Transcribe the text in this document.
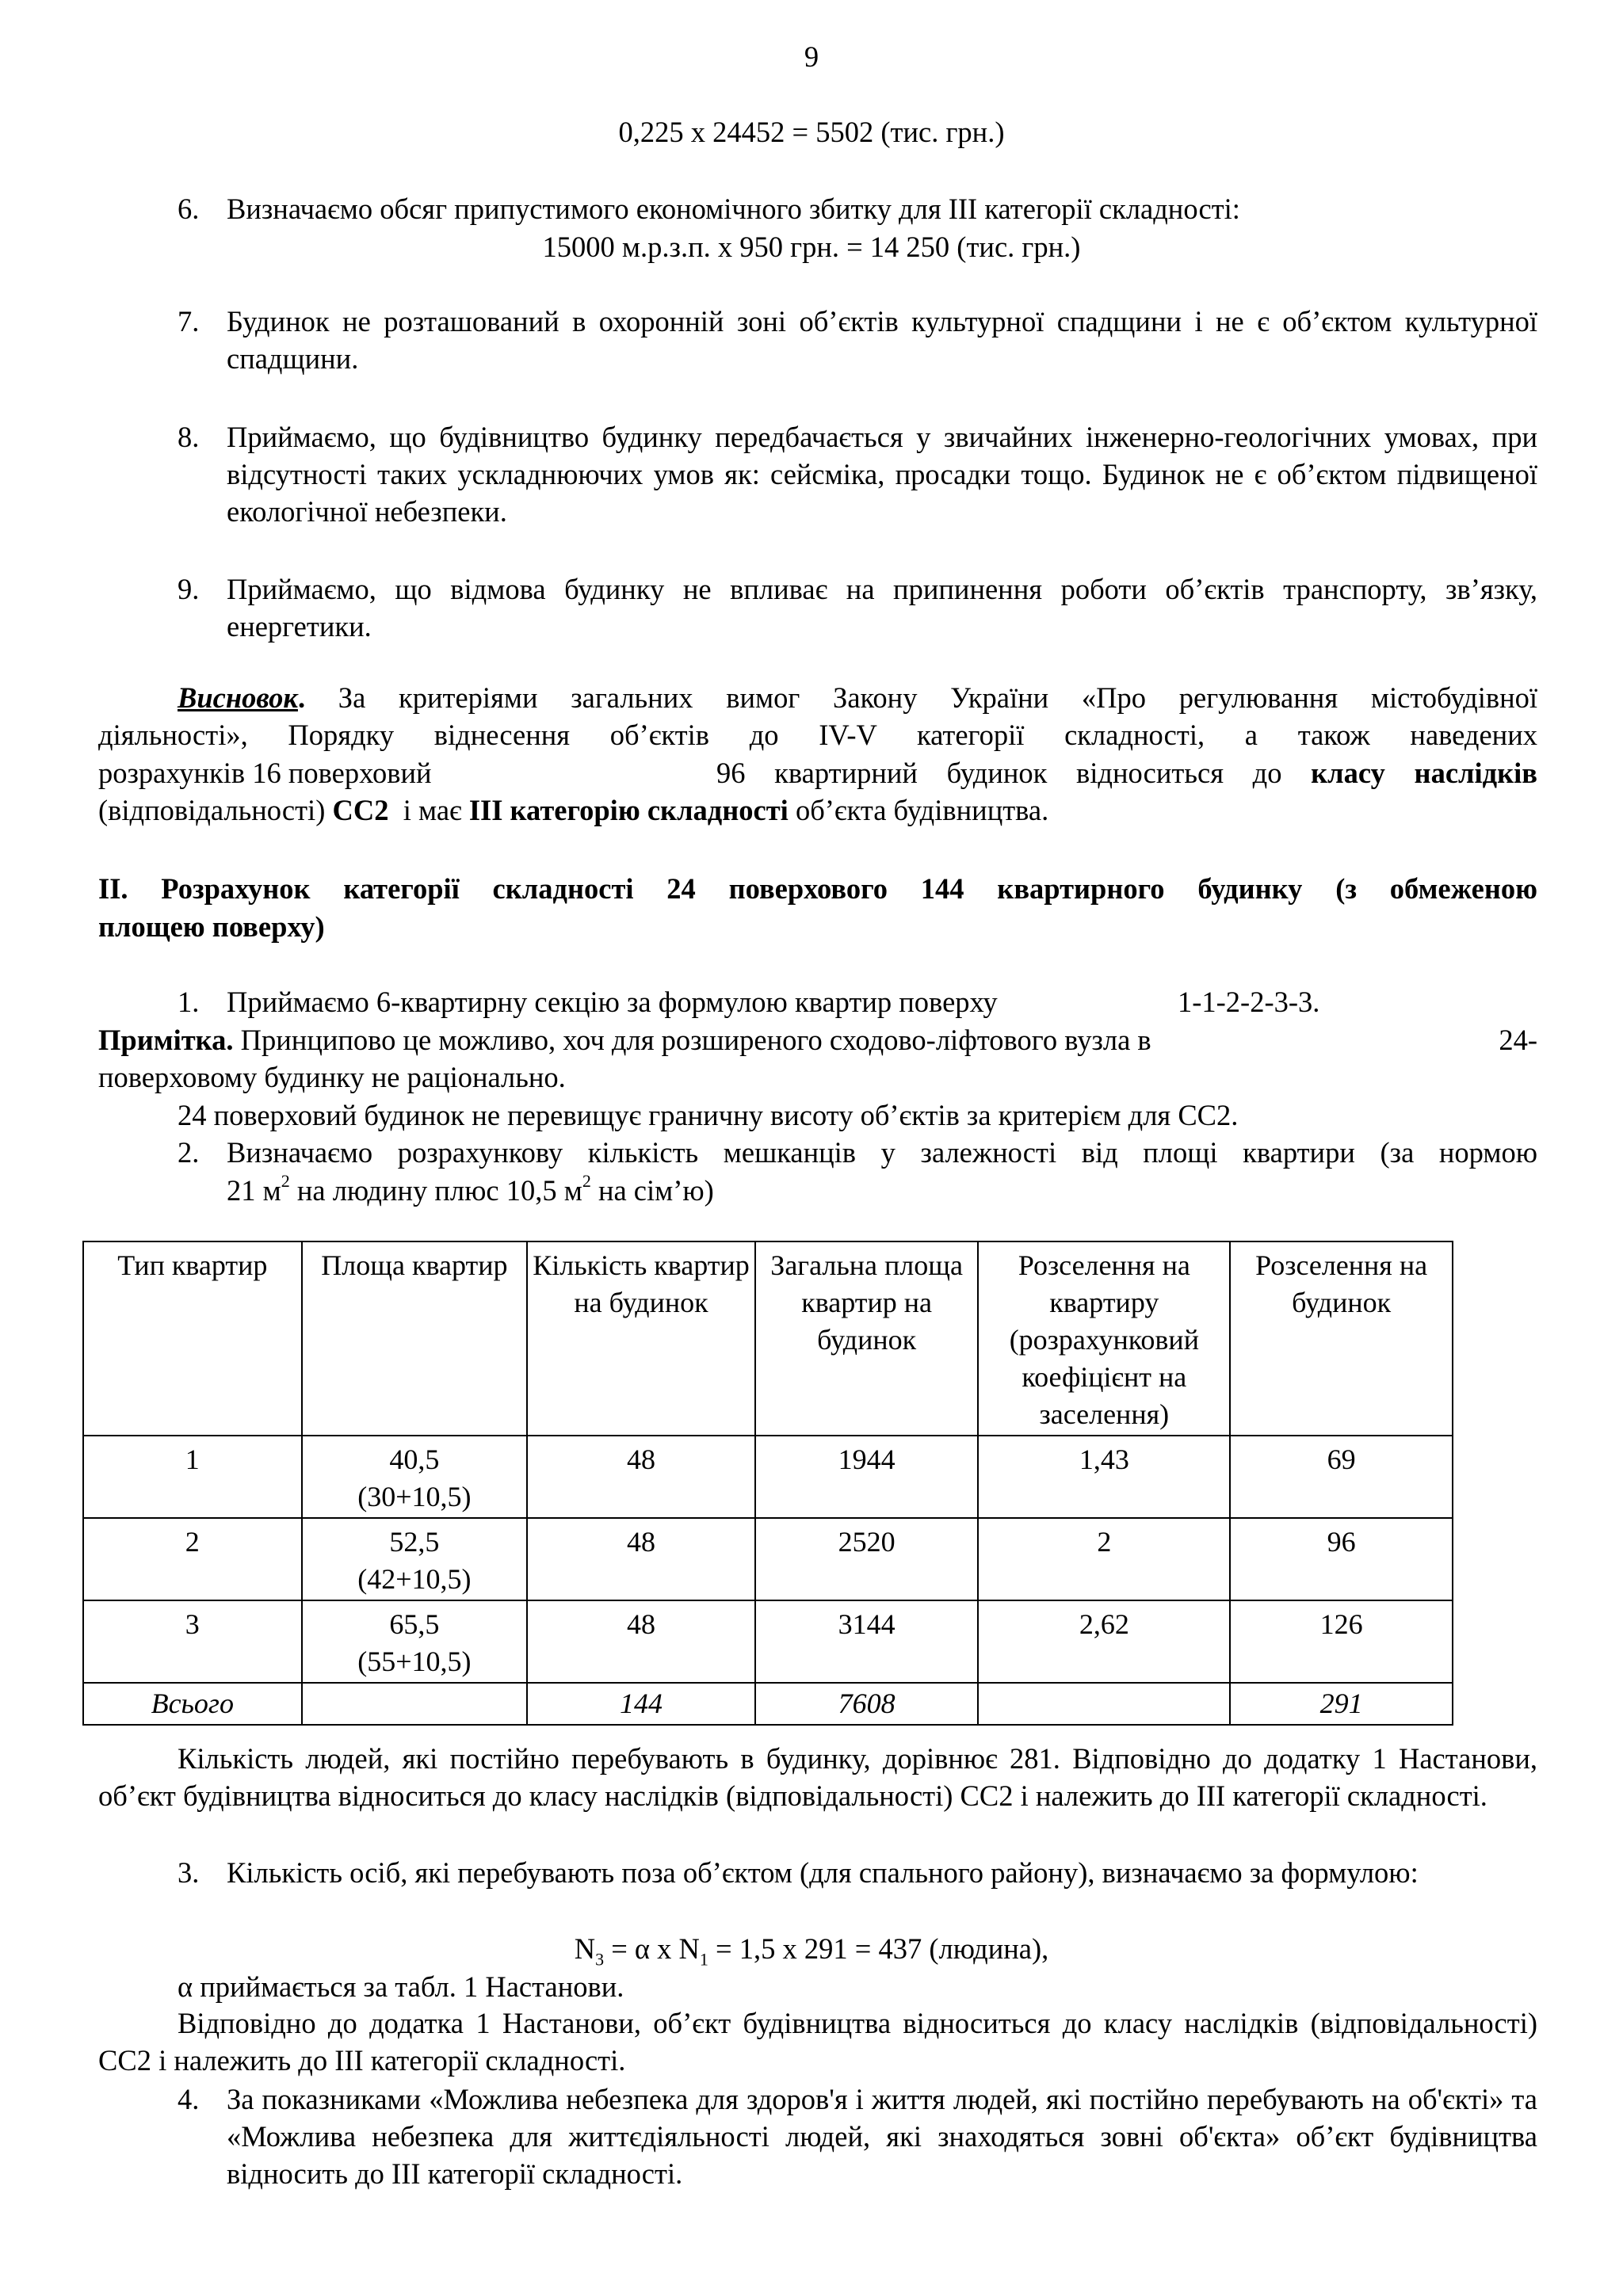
9
0,225 х 24452 = 5502 (тис. грн.)
6. Визначаємо обсяг припустимого економічного збитку для ІІІ категорії складності:
15000 м.р.з.п. х 950 грн. = 14 250 (тис. грн.)
7. Будинок не розташований в охоронній зоні об’єктів культурної спадщини і не є об’єктом культурної спадщини.
8. Приймаємо, що будівництво будинку передбачається у звичайних інженерно-геологічних умовах, при відсутності таких ускладнюючих умов як: сейсміка, просадки тощо. Будинок не є об’єктом підвищеної екологічної небезпеки.
9. Приймаємо, що відмова будинку не впливає на припинення роботи об’єктів транспорту, зв’язку, енергетики.
Висновок. За критеріями загальних вимог Закону України «Про регулювання містобудівної
діяльності», Порядку віднесення об’єктів до IV-V категорії складності, а також наведених
розрахунків 16 поверховий	96 квартирний будинок відноситься до класу наслідків
(відповідальності) СС2 і має ІІІ категорію складності об’єкта будівництва.
ІІ. Розрахунок категорії складності 24 поверхового 144 квартирного будинку (з обмеженою
площею поверху)
1. Приймаємо 6-квартирну секцію за формулою квартир поверху	1-1-2-2-3-3.
Примітка. Принципово це можливо, хоч для розширеного сходово-ліфтового вузла в	24-
поверховому будинку не раціонально.
24 поверховий будинок не перевищує граничну висоту об’єктів за критерієм для СС2.
2. Визначаємо розрахункову кількість мешканців у залежності від площі квартири (за нормою
21 $м^2$ на людину плюс 10,5 $м^2$ на сім’ю)
Тип квартир	Площа квартир	Кількість квартир на будинок	Загальна площа квартир на будинок	Розселення на квартиру (розрахунковий коефіцієнт на заселення)	Розселення на будинок
1	40,5
(30+10,5)	48	1944	1,43	69
2	52,5
(42+10,5)	48	2520	2	96
3	65,5
(55+10,5)	48	3144	2,62	126
Всього		144	7608		291
Кількість людей, які постійно перебувають в будинку, дорівнює 281. Відповідно до додатку 1 Настанови, об’єкт будівництва відноситься до класу наслідків (відповідальності) СС2 і належить до ІІІ категорії складності.
3. Кількість осіб, які перебувають поза об’єктом (для спального району), визначаємо за формулою:
$N_3 = \alpha$ х $N_1 = 1,5$ х 291 = 437 (людина),
α приймається за табл. 1 Настанови.
Відповідно до додатка 1 Настанови, об’єкт будівництва відноситься до класу наслідків (відповідальності) СС2 і належить до ІІІ категорії складності.
4. За показниками «Можлива небезпека для здоров'я і життя людей, які постійно перебувають на об'єкті» та «Можлива небезпека для життєдіяльності людей, які знаходяться зовні об'єкта» об’єкт будівництва відносить до ІІІ категорії складності.
